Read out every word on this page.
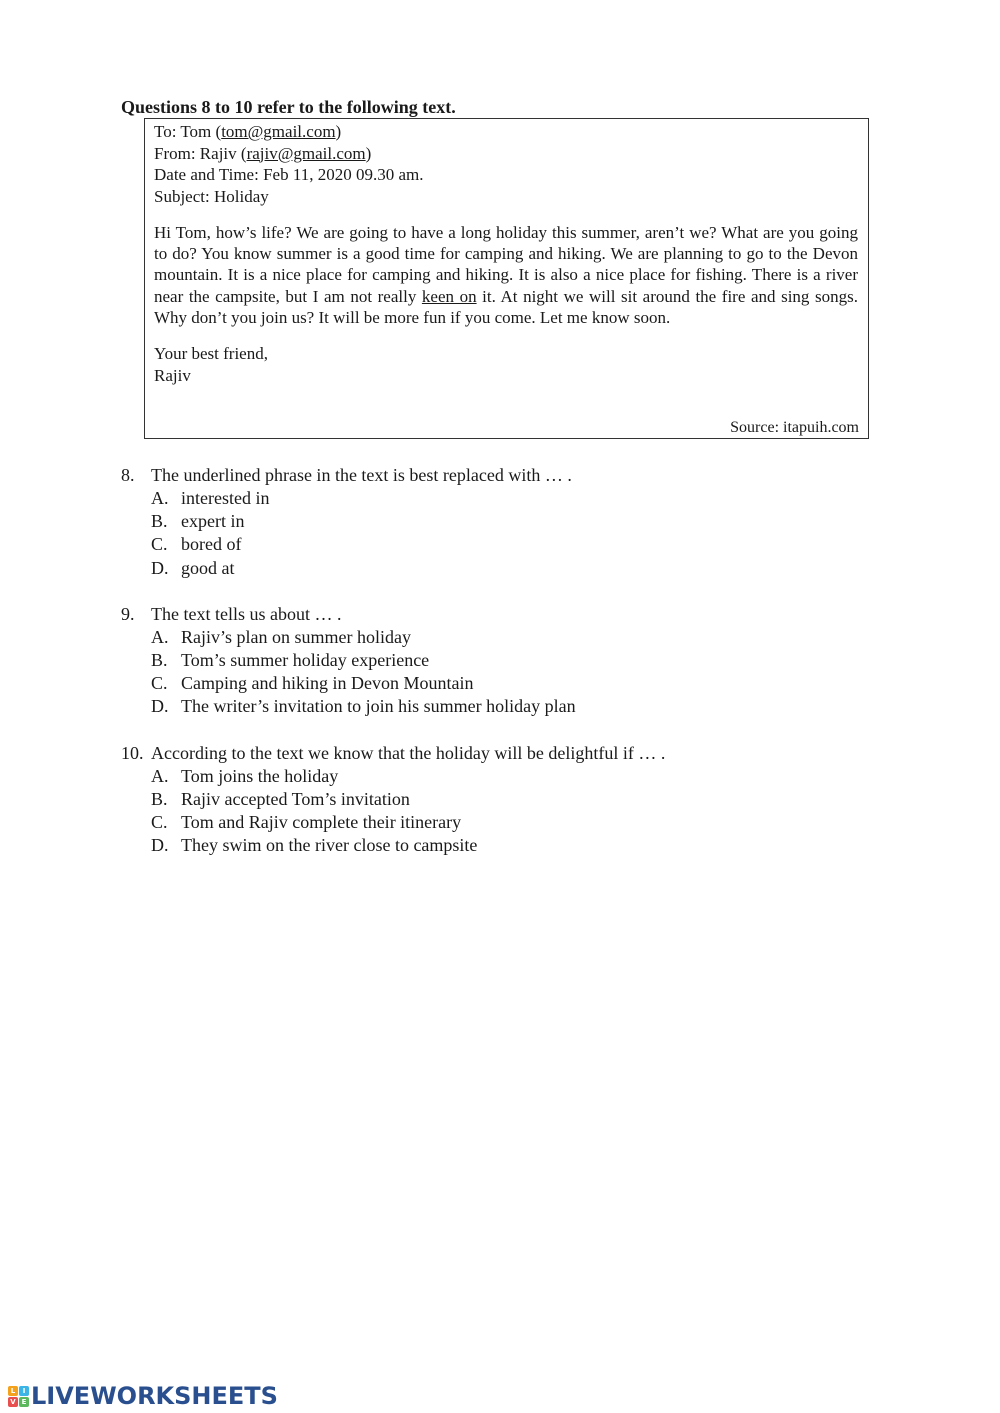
Questions 8 to 10 refer to the following text.
To: Tom (tom@gmail.com)
From: Rajiv (rajiv@gmail.com)
Date and Time: Feb 11, 2020 09.30 am.
Subject: Holiday
Hi Tom, how’s life? We are going to have a long holiday this summer, aren’t we? What are you going to do? You know summer is a good time for camping and hiking. We are planning to go to the Devon mountain. It is a nice place for camping and hiking. It is also a nice place for fishing. There is a river near the campsite, but I am not really keen on it. At night we will sit around the fire and sing songs. Why don’t you join us? It will be more fun if you come. Let me know soon.
Your best friend,
Rajiv
Source: itapuih.com
8. The underlined phrase in the text is best replaced with … .
A. interested in
B. expert in
C. bored of
D. good at
9. The text tells us about … .
A. Rajiv’s plan on summer holiday
B. Tom’s summer holiday experience
C. Camping and hiking in Devon Mountain
D. The writer’s invitation to join his summer holiday plan
10. According to the text we know that the holiday will be delightful if … .
A. Tom joins the holiday
B. Rajiv accepted Tom’s invitation
C. Tom and Rajiv complete their itinerary
D. They swim on the river close to campsite
L	I
V E LIVEWORKSHEETS
